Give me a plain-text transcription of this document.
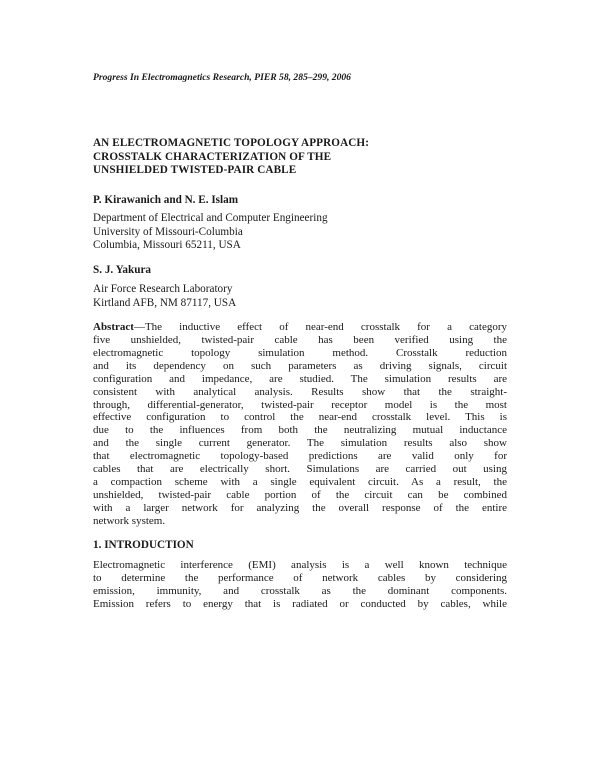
Progress In Electromagnetics Research, PIER 58, 285–299, 2006
AN ELECTROMAGNETIC TOPOLOGY APPROACH:
CROSSTALK CHARACTERIZATION OF THE
UNSHIELDED TWISTED-PAIR CABLE
P. Kirawanich and N. E. Islam
Department of Electrical and Computer Engineering
University of Missouri-Columbia
Columbia, Missouri 65211, USA
S. J. Yakura
Air Force Research Laboratory
Kirtland AFB, NM 87117, USA
Abstract—The inductive effect of near-end crosstalk for a category
five unshielded, twisted-pair cable has been verified using the
electromagnetic topology simulation method. Crosstalk reduction
and its dependency on such parameters as driving signals, circuit
configuration and impedance, are studied. The simulation results are
consistent with analytical analysis. Results show that the straight-
through, differential-generator, twisted-pair receptor model is the most
effective configuration to control the near-end crosstalk level. This is
due to the influences from both the neutralizing mutual inductance
and the single current generator. The simulation results also show
that electromagnetic topology-based predictions are valid only for
cables that are electrically short. Simulations are carried out using
a compaction scheme with a single equivalent circuit. As a result, the
unshielded, twisted-pair cable portion of the circuit can be combined
with a larger network for analyzing the overall response of the entire
network system.
1. INTRODUCTION
Electromagnetic interference (EMI) analysis is a well known technique
to determine the performance of network cables by considering
emission, immunity, and crosstalk as the dominant components.
Emission refers to energy that is radiated or conducted by cables, while
